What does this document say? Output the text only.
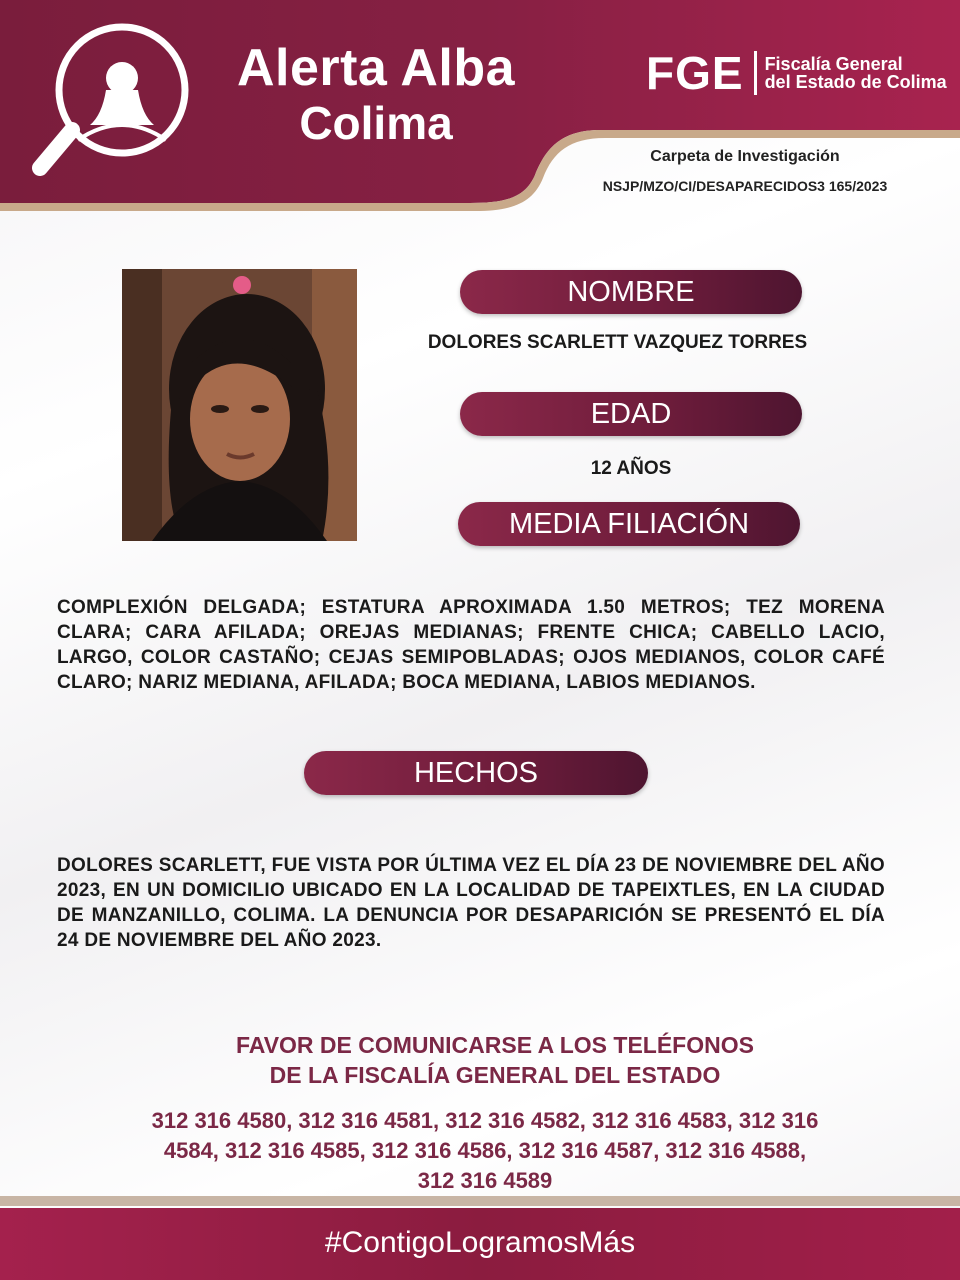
Alerta Alba
Colima
FGE Fiscalía General
del Estado de Colima
Carpeta de Investigación
NSJP/MZO/CI/DESAPARECIDOS3 165/2023
NOMBRE
DOLORES SCARLETT VAZQUEZ TORRES
EDAD
12 AÑOS
MEDIA FILIACIÓN
COMPLEXIÓN DELGADA; ESTATURA APROXIMADA 1.50 METROS; TEZ MORENA CLARA; CARA AFILADA; OREJAS MEDIANAS; FRENTE CHICA; CABELLO LACIO, LARGO, COLOR CASTAÑO; CEJAS SEMIPOBLADAS; OJOS MEDIANOS, COLOR CAFÉ CLARO; NARIZ MEDIANA, AFILADA; BOCA MEDIANA, LABIOS MEDIANOS.
HECHOS
DOLORES SCARLETT, FUE VISTA POR ÚLTIMA VEZ EL DÍA 23 DE NOVIEMBRE DEL AÑO 2023, EN UN DOMICILIO UBICADO EN LA LOCALIDAD DE TAPEIXTLES, EN LA CIUDAD DE MANZANILLO, COLIMA. LA DENUNCIA POR DESAPARICIÓN SE PRESENTÓ EL DÍA 24 DE NOVIEMBRE DEL AÑO 2023.
FAVOR DE COMUNICARSE A LOS TELÉFONOS
DE LA FISCALÍA GENERAL DEL ESTADO
312 316 4580, 312 316 4581, 312 316 4582, 312 316 4583, 312 316
4584, 312 316 4585, 312 316 4586, 312 316 4587, 312 316 4588,
312 316 4589
#ContigoLogramosMás
